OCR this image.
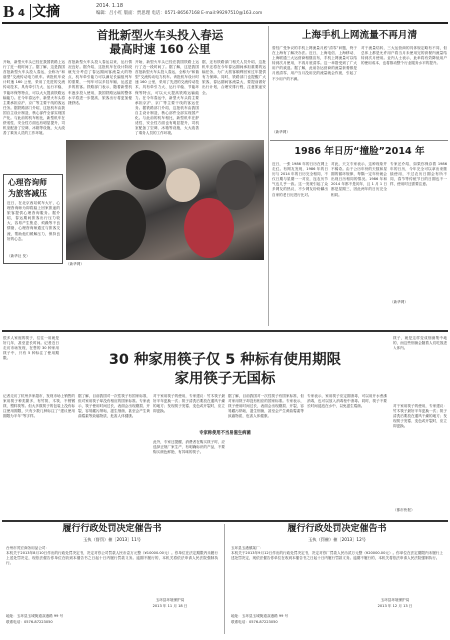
B 4 文摘	2014. 1.18
编辑：吕小红 版面：贾思理 电话：0571-86567168 E-mail:99297510@163.com
首批新型火车头投入春运
最高时速 160 公里
开始，新型火车头已经在我国铁路上运行了近一段时间了。据了解，这是我国首批新型火车头投入春运，全称为“和谐型”交流传动电力机车。该批机车设计时速 160 公里，采用了先进的交流传动技术，具有牵引力大、运行平稳、节能环保等特点，可以大大提高铁路运输能力。在今年春运中，新型火车头将主要承担京沪、京广等主要干线的客运任务。据铁路部门介绍，这批机车由我国自主设计制造，核心部件全部实现国产化。与此前的机车相比，新型机车在舒适性、安全性方面也有明显提升，司机室配备了空调、冰箱等设施，大大改善了乘务人员的工作环境。
首批新型火车头投入春运以来，运行情况良好。据介绍，这批机车在设计阶段就充分考虑了春运期间客流量大的特点，机车牵引能力可以满足长编组列车的需要，一列车可以多挂车厢，运送更多的旅客。铁路部门表示，随着新型机车逐步投入使用，我国铁路运输的整体水平将进一步提高，旅客出行将更加便捷舒适。
开始，新型火车头已经在我国铁路上运行了近一段时间了。据了解，这是我国首批新型火车头投入春运，全称为“和谐型”交流传动电力机车。该批机车设计时速 160 公里，采用了先进的交流传动技术，具有牵引力大、运行平稳、节能环保等特点，可以大大提高铁路运输能力。在今年春运中，新型火车头将主要承担京沪、京广等主要干线的客运任务。据铁路部门介绍，这批机车由我国自主设计制造，核心部件全部实现国产化。与此前的机车相比，新型机车在舒适性、安全性方面也有明显提升，司机室配备了空调、冰箱等设施，大大改善了乘务人员的工作环境。
据，还有铁路部门相关人员介绍，这批机车还将在今年春运期间承担重要的运输任务，为广大旅客顺利回家过年提供有力保障。同时，铁路部门也提醒广大旅客，春运期间客流量大，要提前做好出行计划，合理安排行程，注意旅途安全。
心理咨询师
为旅客减压
近日，在北京西站候车大厅，心理咨询师为即将踏上回家旅途的旅客提供心理咨询服务。据介绍，春运期间旅客出行压力较大，容易产生焦虑、烦躁等不良情绪，心理咨询师通过与旅客交流，帮助他们缓解压力，保持良好的心态。
（新华社 发）
（新华网）
上海手机上网流量不再月清
曾经广受争议的手机上网流量月底“清零”问题，终于在上海有了解决办法。近日，上海电信、上海移动、上海联通三大运营商相继宣布，手机上网流量可以结转到次月使用，不再月底清零。这一举措受到了广大用户的欢迎。据了解，此前各运营商的流量套餐都是月底清零，用户当月没用完的流量就会作废，引起了不少用户的不满。
对于流量结转，三大运营商的具体规定略有不同，但总体上都是允许用户将当月未使用完的套餐内流量结转到次月使用。业内人士表示，此举将有效降低用户的使用成本，也将推动整个行业服务水平的提升。
（新华网）
1986 年日历“撞脸”2014 年
近日，一张 1986 年的日历在网上走红。有网友发现，1986 年的日历与 2014 年的日历完全相同，不仅日期与星期一一对应，连农历节气也几乎一致。这一发现引起了众多网友的热议，不少网友纷纷翻出自家的老日历进行比对。
对此，天文专家表示，这种现象并不稀奇。由于公历年份的天数和星期的循环规律，每隔一定年份就会出现日历相同的情况。1986 年和 2014 年都不是闰年，且 1 月 1 日都是星期三，因此两年的日历完全相同。
专家还介绍，如果你保存着 1986 年的日历，今年完全可以拿出来继续使用，不过农历日期会有所不同，春节等传统节日的日期也不一样，使用时还需要注意。
（新华网）
很多人家庭的筷子，往往一用就是好几年，甚至更长时间。记者近日走访市场发现，在售的 30 种家用筷子中，只有 5 种标注了使用期限。	30 种家用筷子仅 5 种标有使用期限
家用筷子无国标
筷子，就是这样变成细菌集中地的，而这些细菌会随着人们吃饭进入体内。
记者走访了杭州多家超市，发现市场上销售的家用筷子种类繁多，有竹筷、木筷、不锈钢筷、塑料筷等。但大多数筷子的包装上没有标注使用期限，只有少数几种标注了“建议使用期限为半年”等字样。
据了解，目前我国对一次性筷子有国家标准，但对家用筷子却没有相应的国家标准。专家表示，筷子使用时间过长，表面会出现磨损、开裂，容易藏污纳垢，滋生细菌，甚至会产生黄曲霉素等致癌物质，危害人体健康。
专家称使用不当易滋生病菌
对于家用筷子的使用，专家建议：竹木筷子最好半年更换一次；筷子清洗后要放在通风干燥的地方；发现筷子发霉、变色或开裂时，应立即更换。
此外，专家还提醒，消费者在购买筷子时，应选择正规厂家生产、有明确标识的产品，不要购买颜色鲜艳、有异味的筷子。
据了解，目前我国对一次性筷子有国家标准，但对家用筷子却没有相应的国家标准。专家表示，筷子使用时间过长，表面会出现磨损、开裂，容易藏污纳垢，滋生细菌，甚至会产生黄曲霉素等致癌物质，危害人体健康。
专家表示，家用筷子应定期消毒，可以用开水煮沸消毒，也可以放入消毒柜中消毒。同时，筷子不要长时间浸泡在水中，以免滋生霉菌。	对于家用筷子的使用，专家建议：竹木筷子最好半年更换一次；筷子清洗后要放在通风干燥的地方；发现筷子发霉、变色或开裂时，应立即更换。
（都市快报）
履行行政处罚决定催告书
玉执（督罚）催［2013］11号
台州市茂宏商务用品公司：
本机关于2013年8月10日作出的行政处罚决定书，决定对你公司罚款人民币壹万元整（¥10000.00元）。你单位在法定期限内未履行上述处罚决定，现依法催告你单位在收到本催告书之日起十日内履行罚款义务。逾期不履行的，本机关将依法申请人民法院强制执行。
玉环县环境保护局
2013 年 11 月 18 日
地址：玉环县玉城街道双港路 99 号
联系电话：0576-87223050
履行行政处罚决定催告书
玉执（罚催）催［2013］12号
玉环县玉港镇某厂：
本机关于2013年9月12日作出的行政处罚决定书，决定对你厂罚款人民币贰万元整（¥20000.00元）。你单位在法定期限内未履行上述处罚决定，现依法催告你单位在收到本催告书之日起十日内履行罚款义务。逾期不履行的，本机关将依法申请人民法院强制执行。
玉环县环境保护局
2013 年 12 月 13 日
地址：玉环县玉城街道双港路 99 号
联系电话：0576-87223050
